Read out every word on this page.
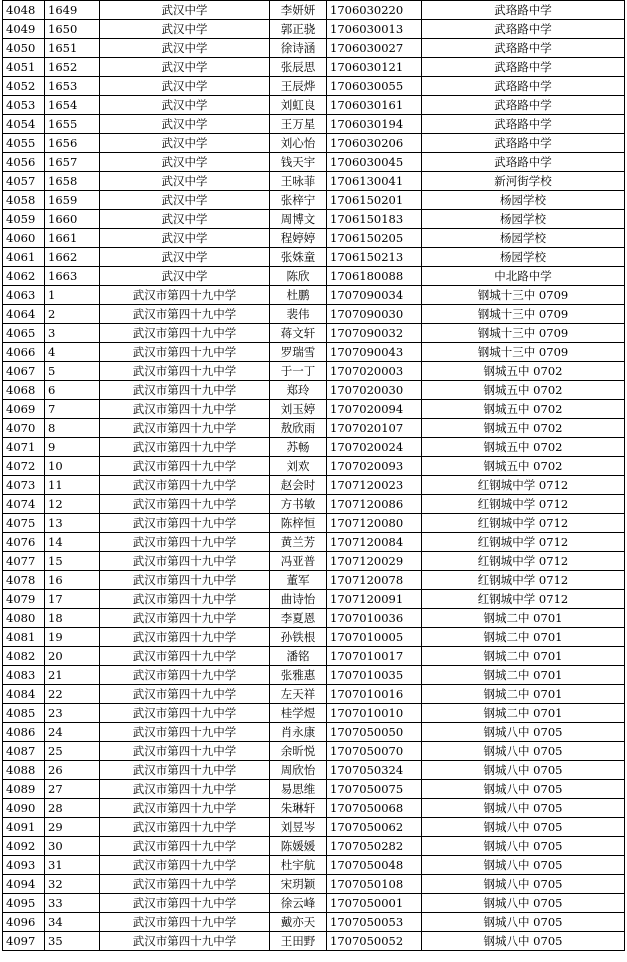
4048	1649	武汉中学	李妍妍	1706030220	武珞路中学
4049	1650	武汉中学	郭正骁	1706030013	武珞路中学
4050	1651	武汉中学	徐诗涵	1706030027	武珞路中学
4051	1652	武汉中学	张辰思	1706030121	武珞路中学
4052	1653	武汉中学	王辰烨	1706030055	武珞路中学
4053	1654	武汉中学	刘虹良	1706030161	武珞路中学
4054	1655	武汉中学	王万星	1706030194	武珞路中学
4055	1656	武汉中学	刘心怡	1706030206	武珞路中学
4056	1657	武汉中学	钱天宇	1706030045	武珞路中学
4057	1658	武汉中学	王咏菲	1706130041	新河街学校
4058	1659	武汉中学	张梓宁	1706150201	杨园学校
4059	1660	武汉中学	周博文	1706150183	杨园学校
4060	1661	武汉中学	程婷婷	1706150205	杨园学校
4061	1662	武汉中学	张姝童	1706150213	杨园学校
4062	1663	武汉中学	陈欣	1706180088	中北路中学
4063	1	武汉市第四十九中学	杜鹏	1707090034	钢城十三中 0709
4064	2	武汉市第四十九中学	裴伟	1707090030	钢城十三中 0709
4065	3	武汉市第四十九中学	蒋文轩	1707090032	钢城十三中 0709
4066	4	武汉市第四十九中学	罗瑞雪	1707090043	钢城十三中 0709
4067	5	武汉市第四十九中学	于一丁	1707020003	钢城五中 0702
4068	6	武汉市第四十九中学	郑玲	1707020030	钢城五中 0702
4069	7	武汉市第四十九中学	刘玉婷	1707020094	钢城五中 0702
4070	8	武汉市第四十九中学	敖欣雨	1707020107	钢城五中 0702
4071	9	武汉市第四十九中学	苏畅	1707020024	钢城五中 0702
4072	10	武汉市第四十九中学	刘欢	1707020093	钢城五中 0702
4073	11	武汉市第四十九中学	赵会时	1707120023	红钢城中学 0712
4074	12	武汉市第四十九中学	方书敏	1707120086	红钢城中学 0712
4075	13	武汉市第四十九中学	陈梓恒	1707120080	红钢城中学 0712
4076	14	武汉市第四十九中学	黄兰芳	1707120084	红钢城中学 0712
4077	15	武汉市第四十九中学	冯亚普	1707120029	红钢城中学 0712
4078	16	武汉市第四十九中学	董军	1707120078	红钢城中学 0712
4079	17	武汉市第四十九中学	曲诗怡	1707120091	红钢城中学 0712
4080	18	武汉市第四十九中学	李夏恩	1707010036	钢城二中 0701
4081	19	武汉市第四十九中学	孙铁根	1707010005	钢城二中 0701
4082	20	武汉市第四十九中学	潘铭	1707010017	钢城二中 0701
4083	21	武汉市第四十九中学	张雅惠	1707010035	钢城二中 0701
4084	22	武汉市第四十九中学	左天祥	1707010016	钢城二中 0701
4085	23	武汉市第四十九中学	桂学煜	1707010010	钢城二中 0701
4086	24	武汉市第四十九中学	肖永康	1707050050	钢城八中 0705
4087	25	武汉市第四十九中学	余昕悦	1707050070	钢城八中 0705
4088	26	武汉市第四十九中学	周欣怡	1707050324	钢城八中 0705
4089	27	武汉市第四十九中学	易思维	1707050075	钢城八中 0705
4090	28	武汉市第四十九中学	朱琳轩	1707050068	钢城八中 0705
4091	29	武汉市第四十九中学	刘昱岑	1707050062	钢城八中 0705
4092	30	武汉市第四十九中学	陈媛媛	1707050282	钢城八中 0705
4093	31	武汉市第四十九中学	杜宇航	1707050048	钢城八中 0705
4094	32	武汉市第四十九中学	宋玥颖	1707050108	钢城八中 0705
4095	33	武汉市第四十九中学	徐云峰	1707050001	钢城八中 0705
4096	34	武汉市第四十九中学	戴亦天	1707050053	钢城八中 0705
4097	35	武汉市第四十九中学	王田野	1707050052	钢城八中 0705
